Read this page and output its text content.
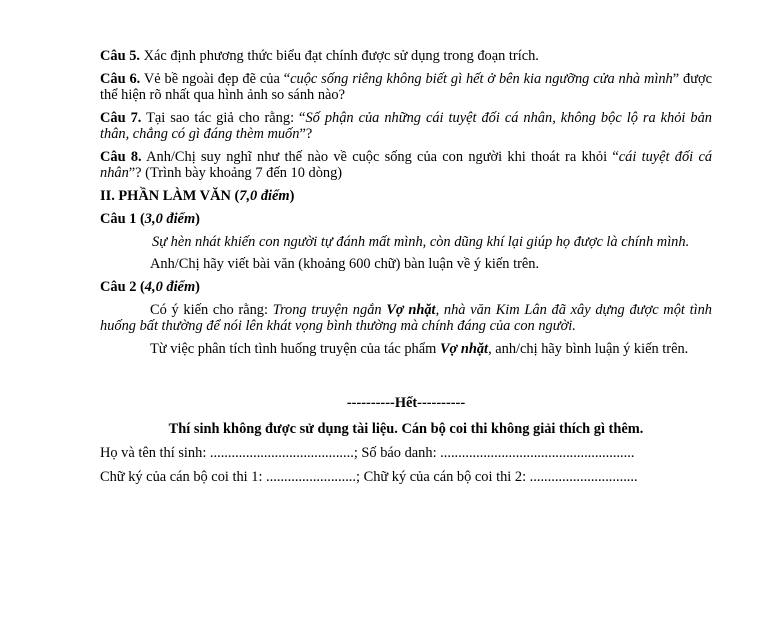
Câu 5. Xác định phương thức biểu đạt chính được sử dụng trong đoạn trích.

Câu 6. Vẻ bề ngoài đẹp đẽ của “cuộc sống riêng không biết gì hết ở bên kia ngưỡng cửa nhà mình” được thể hiện rõ nhất qua hình ảnh so sánh nào?

Câu 7. Tại sao tác giả cho rằng: “Số phận của những cái tuyệt đối cá nhân, không bộc lộ ra khỏi bản thân, chẳng có gì đáng thèm muốn”?

Câu 8. Anh/Chị suy nghĩ như thế nào về cuộc sống của con người khi thoát ra khỏi “cái tuyệt đối cá nhân”? (Trình bày khoảng 7 đến 10 dòng)

II. PHẦN LÀM VĂN (7,0 điểm)

Câu 1 (3,0 điểm)

Sự hèn nhát khiến con người tự đánh mất mình, còn dũng khí lại giúp họ được là chính mình.

Anh/Chị hãy viết bài văn (khoảng 600 chữ) bàn luận về ý kiến trên.

Câu 2 (4,0 điểm)

Có ý kiến cho rằng: Trong truyện ngắn Vợ nhặt, nhà văn Kim Lân đã xây dựng được một tình huống bất thường để nói lên khát vọng bình thường mà chính đáng của con người.

Từ việc phân tích tình huống truyện của tác phẩm Vợ nhặt, anh/chị hãy bình luận ý kiến trên.

----------Hết----------

Thí sinh không được sử dụng tài liệu. Cán bộ coi thi không giải thích gì thêm.

Họ và tên thí sinh: ........................................; Số báo danh: ......................................................

Chữ ký của cán bộ coi thi 1: .........................; Chữ ký của cán bộ coi thi 2: ..............................
